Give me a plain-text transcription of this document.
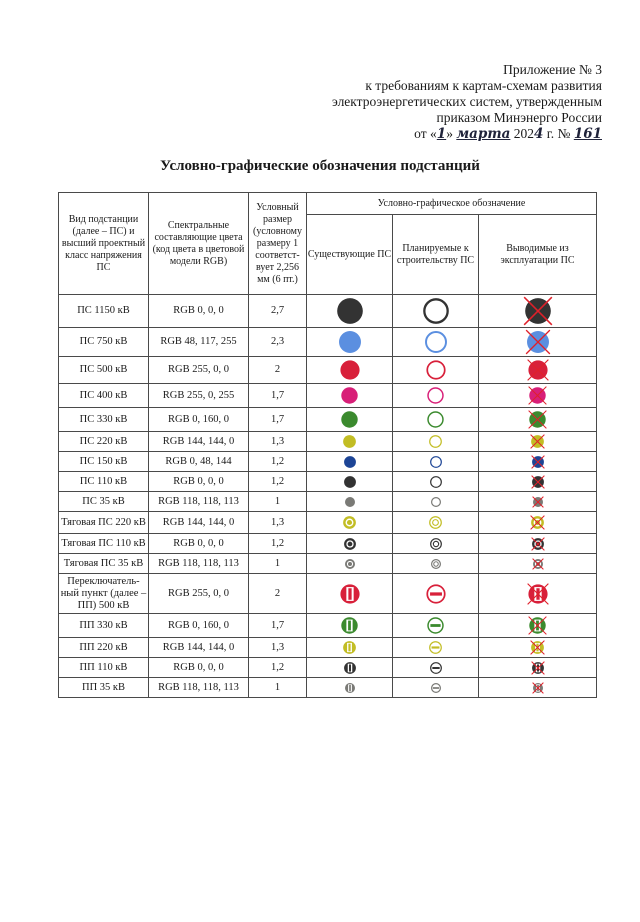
Приложение № 3
к требованиям к картам-схемам развития
электроэнергетических систем, утвержденным
приказом Минэнерго России
от «1» марта 2024 г. № 161
Условно-графические обозначения подстанций
Вид подстанции (далее – ПС) и высший проектный класс напряжения ПС	Спектральные составляющие цвета (код цвета в цветовой модели RGB)	Условный размер (условному размеру 1 соответст-вует 2,256 мм (6 пт.)	Условно-графическое обозначение		
			Существующие ПС	Планируемые к строительству ПС	Выводимые из эксплуатации ПС
ПС 1150 кВ	RGB 0, 0, 0	2,7	

ПС 750 кВ	RGB 48, 117, 255	2,3	

ПС 500 кВ	RGB 255, 0, 0	2	

ПС 400 кВ	RGB 255, 0, 255	1,7	

ПС 330 кВ	RGB 0, 160, 0	1,7	

ПС 220 кВ	RGB 144, 144, 0	1,3	

ПС 150 кВ	RGB 0, 48, 144	1,2	

ПС 110 кВ	RGB 0, 0, 0	1,2	

ПС 35 кВ	RGB 118, 118, 113	1	

Тяговая ПС 220 кВ	RGB 144, 144, 0	1,3	

Тяговая ПС 110 кВ	RGB 0, 0, 0	1,2	

Тяговая ПС 35 кВ	RGB 118, 118, 113	1	

Переключатель-ный пункт (далее – ПП) 500 кВ	RGB 255, 0, 0	2	

ПП 330 кВ	RGB 0, 160, 0	1,7	

ПП 220 кВ	RGB 144, 144, 0	1,3	

ПП 110 кВ	RGB 0, 0, 0	1,2	

ПП 35 кВ	RGB 118, 118, 113	1	
